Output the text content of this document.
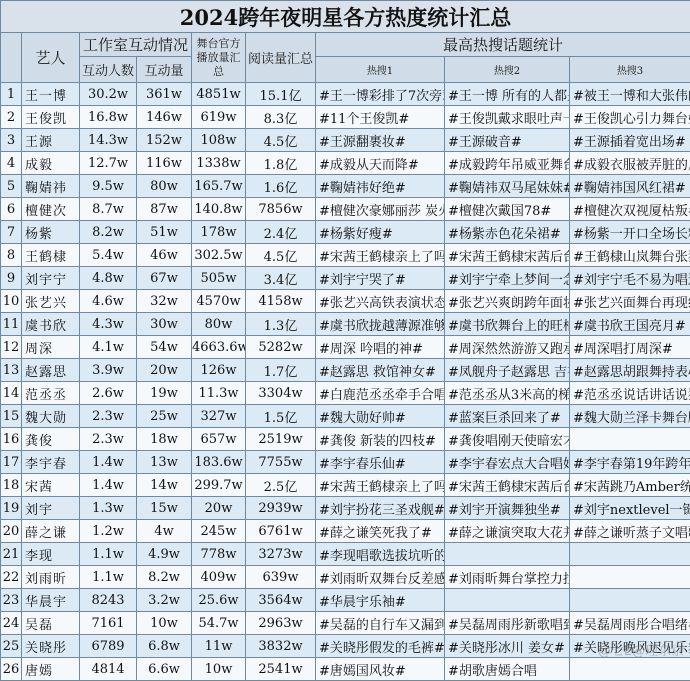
2024跨年夜明星各方热度统计汇总								
	艺人	工作室互动情况		舞台官方播放量汇总	阅读量汇总	最高热搜话题统计		
		互动人数	互动量			热搜1	热搜2	热搜3
1	王一博	30.2w	361w	4851w	15.1亿	#王一博彩排了7次旁	#王一博 所有的人都	#被王一博和大张伟
2	王俊凯	16.8w	146w	619w	8.3亿	#11个王俊凯#	#王俊凯戴求眼吐声	#王俊凯心引力舞台
3	王源	14.3w	152w	108w	4.5亿	#王源翻裹妆#	#王源破音#	#王源插着宽出场#
4	成毅	12.7w	116w	1338w	1.8亿	#成毅从天而降#	#成毅跨年吊威亚舞	#成毅衣服被弄脏的
5	鞠婧祎	9.5w	80w	165.7w	1.6亿	#鞠婧祎好绝#	#鞠婧祎双马尾妹妹#	#鞠婧祎国风红裙#
6	檀健次	8.7w	87w	140.8w	7856w	#檀健次豪娜丽莎 炭	#檀健次戴国78#	#檀健次双视厦枯叛#
7	杨紫	8.2w	51w	178w	2.4亿	#杨紫好瘦#	#杨紫赤色花朵裙#	#杨紫一开口全场长
8	王鹤棣	5.4w	46w	302.5w	4.5亿	#宋茜王鹤棣亲上了吗#	#宋茜王鹤棣宋茜后	#王鹤棣山岚舞台张
9	刘宇宁	4.8w	67w	505w	3.4亿	#刘宇宁哭了#	#刘宇宁牵上梦间一	#刘宇宁毛不易为唱
10	张艺兴	4.6w	32w	4570w	4158w	#张艺兴高铁表演状态#	#张艺兴爽朗跨年面	#张艺兴面舞台再现
11	虞书欣	4.3w	30w	80w	1.3亿	#虞书欣拢越薄源准	#虞书欣舞台上的旺	#虞书欣王国亮月#
12	周深	4.1w	54w	4663.6w	5282w	#周深 吟唱的神#	#周深然然游游又跑	#周深唱打周深#
13	赵露思	3.9w	20w	126w	1.7亿	#赵露思 救馆神女#	#凤舰舟子赵露思 吉	#赵露思胡跟舞持表
14	范丞丞	2.6w	19w	11.3w	3304w	#白鹿范丞丞牵手合唱#	#范丞丞从3米高的	#范丞丞说话讲话说
15	魏大勋	2.3w	25w	327w	1.5亿	#魏大勋好帅#	#蓝案巨杀回来了#	#魏大勋兰泽卡舞台
16	龚俊	2.3w	18w	657w	2519w	#龚俊 新装的四枝#	#龚俊唱刚天使暗宏	
17	李宇春	1.4w	13w	183.6w	7755w	#李宇春乐仙#	#李宇春宏点大合唱	#李宇春第19年跨年
18	宋茜	1.4w	14w	299.7w	2.5亿	#宋茜王鹤棣亲上了吗#	#宋茜王鹤棣宋茜后	#宋茜跳乃Amber
19	刘宇	1.3w	15w	20w	2939w	#刘宇扮花三圣戏舰#	#刘宇开演舞独坐#	#刘宇nextlevel一
20	薛之谦	1.2w	4w	245w	6761w	#薛之谦笑死我了#	#薛之谦演突取大花	#薛之谦听蒸子文唱
21	李现	1.1w	4.9w	778w	3273w	#李现唱歌选拔坑听的#		
22	刘雨昕	1.1w	8.2w	409w	639w	#刘雨昕双舞台反差感#	#刘雨昕舞台掌控力	
23	华晨宇	8243	3.2w	25.6w	3564w	#华晨宇乐袖#		
24	吴磊	7161	10w	54.7w	2963w	#吴磊的自行车又漏到	#吴磊周雨彤新歌唱	#吴磊周雨彤合唱绪#
25	关晓彤	6789	6.8w	11w	3832w	#关晓彤假发的毛裤#	#关晓彤冰川 姜女#	#关晓彤晚风迟见乐
26	唐嫣	4814	6.6w	10w	2541w	#唐嫣国风妆#	#胡歌唐嫣合唱		@七E@理东京
